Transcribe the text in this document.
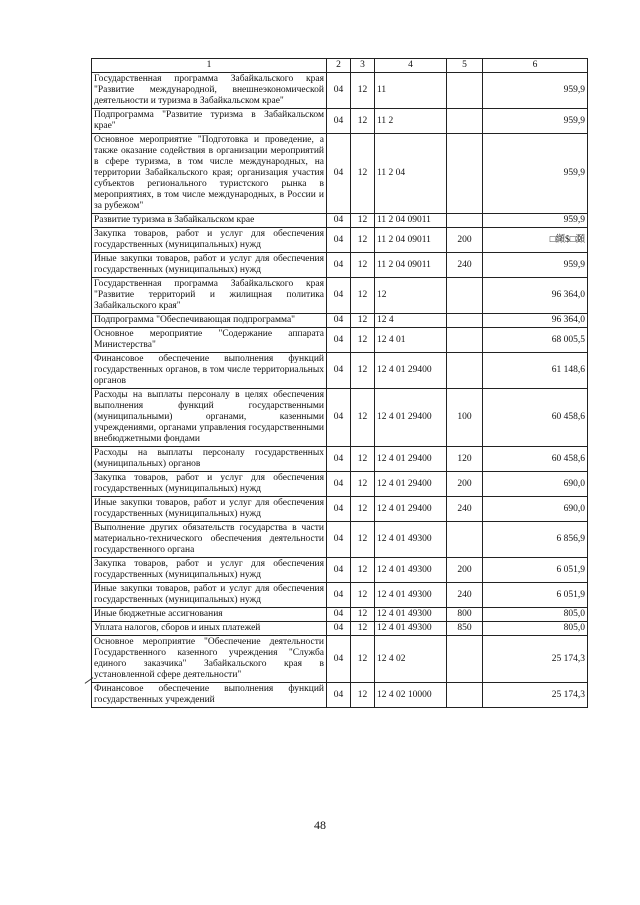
1	2	3	4	5	6
Государственная программа Забайкальского края "Развитие международной, внешнеэкономической деятельности и туризма в Забайкальском крае"	04	12	11		959,9
Подпрограмма "Развитие туризма в Забайкальском крае"	04	12	11 2		959,9
Основное мероприятие "Подготовка и проведение, а также оказание содействия в организации мероприятий в сфере туризма, в том числе международных, на территории Забайкальского края; организация участия субъектов регионального туристского рынка в мероприятиях, в том числе международных, в России и за рубежом"	04	12	11 2 04		959,9
Развитие туризма в Забайкальском крае	04	12	11 2 04 09011		959,9
Закупка товаров, работ и услуг для обеспечения государственных (муниципальных) нужд	04	12	11 2 04 09011	200	□纐$□㶊
Иные закупки товаров, работ и услуг для обеспечения государственных (муниципальных) нужд	04	12	11 2 04 09011	240	959,9
Государственная программа Забайкальского края "Развитие территорий и жилищная политика Забайкальского края"	04	12	12		96 364,0
Подпрограмма "Обеспечивающая подпрограмма"	04	12	12 4		96 364,0
Основное мероприятие "Содержание аппарата Министерства"	04	12	12 4 01		68 005,5
Финансовое обеспечение выполнения функций государственных органов, в том числе территориальных органов	04	12	12 4 01 29400		61 148,6
Расходы на выплаты персоналу в целях обеспечения выполнения функций государственными (муниципальными) органами, казенными учреждениями, органами управления государственными внебюджетными фондами	04	12	12 4 01 29400	100	60 458,6
Расходы на выплаты персоналу государственных (муниципальных) органов	04	12	12 4 01 29400	120	60 458,6
Закупка товаров, работ и услуг для обеспечения государственных (муниципальных) нужд	04	12	12 4 01 29400	200	690,0
Иные закупки товаров, работ и услуг для обеспечения государственных (муниципальных) нужд	04	12	12 4 01 29400	240	690,0
Выполнение других обязательств государства в части материально-технического обеспечения деятельности государственного органа	04	12	12 4 01 49300		6 856,9
Закупка товаров, работ и услуг для обеспечения государственных (муниципальных) нужд	04	12	12 4 01 49300	200	6 051,9
Иные закупки товаров, работ и услуг для обеспечения государственных (муниципальных) нужд	04	12	12 4 01 49300	240	6 051,9
Иные бюджетные ассигнования	04	12	12 4 01 49300	800	805,0
Уплата налогов, сборов и иных платежей	04	12	12 4 01 49300	850	805,0
Основное мероприятие "Обеспечение деятельности Государственного казенного учреждения "Служба единого заказчика" Забайкальского края в установленной сфере деятельности"	04	12	12 4 02		25 174,3
Финансовое обеспечение выполнения функций государственных учреждений	04	12	12 4 02 10000		25 174,3
48
